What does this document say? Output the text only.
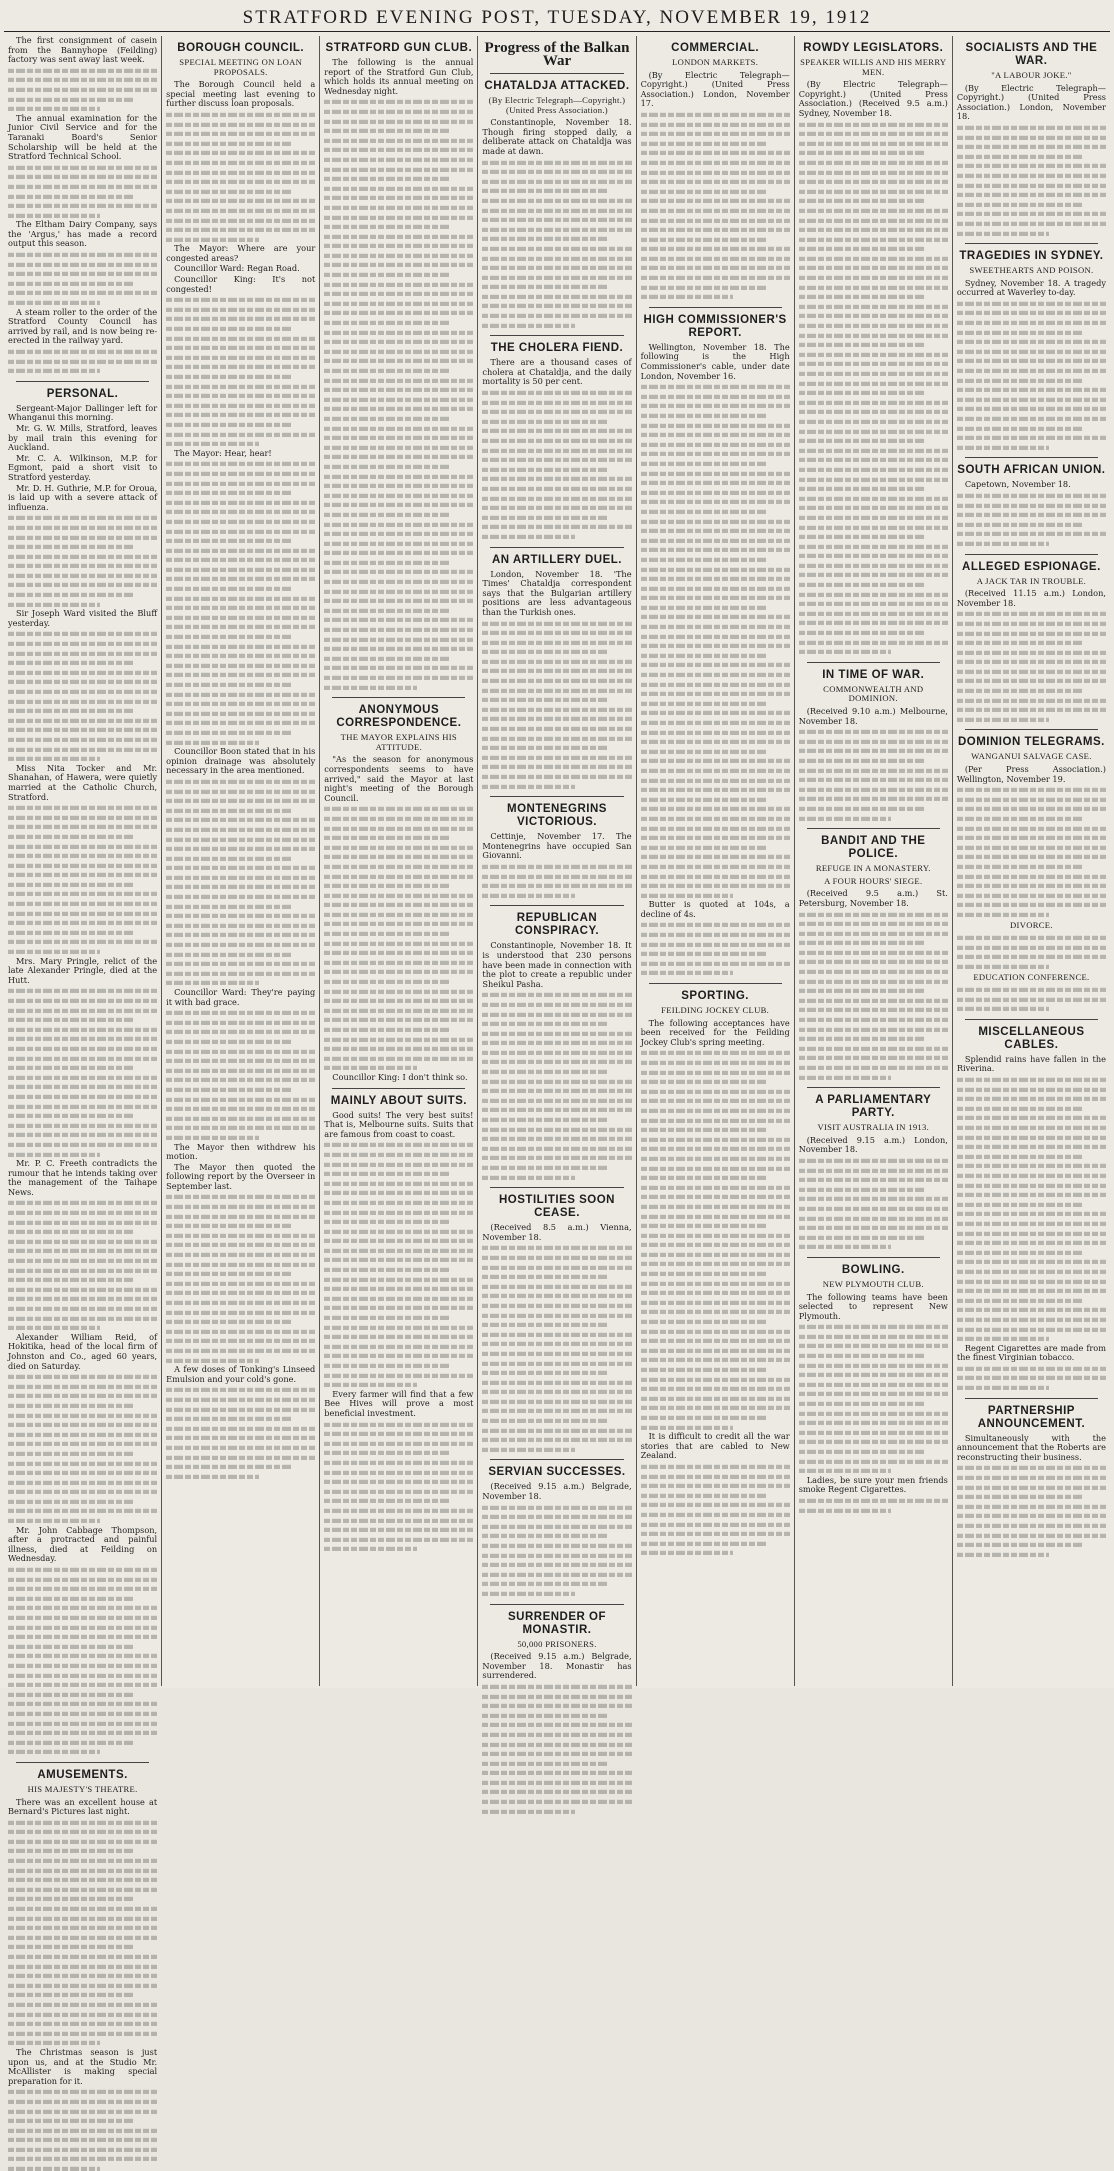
STRATFORD EVENING POST, TUESDAY, NOVEMBER 19, 1912
The first consignment of casein from the Bannyhope (Feilding) factory was sent away last week.
The annual examination for the Junior Civil Service and for the Taranaki Board's Senior Scholarship will be held at the Stratford Technical School.
The Eltham Dairy Company, says the 'Argus,' has made a record output this season.
A steam roller to the order of the Stratford County Council has arrived by rail, and is now being re-erected in the railway yard.
PERSONAL.
Sergeant-Major Dallinger left for Whanganui this morning.
Mr. G. W. Mills, Stratford, leaves by mail train this evening for Auckland.
Mr. C. A. Wilkinson, M.P. for Egmont, paid a short visit to Stratford yesterday.
Mr. D. H. Guthrie, M.P. for Oroua, is laid up with a severe attack of influenza.
Sir Joseph Ward visited the Bluff yesterday.
Miss Nita Tocker and Mr. Shanahan, of Hawera, were quietly married at the Catholic Church, Stratford.
Mrs. Mary Pringle, relict of the late Alexander Pringle, died at the Hutt.
Mr. P. C. Freeth contradicts the rumour that he intends taking over the management of the Taihape News.
Alexander William Reid, of Hokitika, head of the local firm of Johnston and Co., aged 60 years, died on Saturday.
Mr. John Cabbage Thompson, after a protracted and painful illness, died at Feilding on Wednesday.
AMUSEMENTS.
HIS MAJESTY'S THEATRE.
There was an excellent house at Bernard's Pictures last night.
The Christmas season is just upon us, and at the Studio Mr. McAllister is making special preparation for it.
BOROUGH COUNCIL.
SPECIAL MEETING ON LOAN PROPOSALS.
The Borough Council held a special meeting last evening to further discuss loan proposals.
The Mayor: Where are your congested areas?
Councillor Ward: Regan Road.
Councillor King: It's not congested!
The Mayor: Hear, hear!
Councillor Boon stated that in his opinion drainage was absolutely necessary in the area mentioned.
Councillor Ward: They're paying it with bad grace.
The Mayor then withdrew his motion.
The Mayor then quoted the following report by the Overseer in September last.
A few doses of Tonking's Linseed Emulsion and your cold's gone.
STRATFORD GUN CLUB.
The following is the annual report of the Stratford Gun Club, which holds its annual meeting on Wednesday night.
ANONYMOUS CORRESPONDENCE.
THE MAYOR EXPLAINS HIS ATTITUDE.
"As the season for anonymous correspondents seems to have arrived," said the Mayor at last night's meeting of the Borough Council.
Councillor King: I don't think so.
MAINLY ABOUT SUITS.
Good suits! The very best suits! That is, Melbourne suits. Suits that are famous from coast to coast.
Every farmer will find that a few Bee Hives will prove a most beneficial investment.
Progress of the Balkan War
CHATALDJA ATTACKED.
(By Electric Telegraph—Copyright.) (United Press Association.)
Constantinople, November 18. Though firing stopped daily, a deliberate attack on Chataldja was made at dawn.
THE CHOLERA FIEND.
There are a thousand cases of cholera at Chataldja, and the daily mortality is 50 per cent.
AN ARTILLERY DUEL.
London, November 18. 'The Times' Chataldja correspondent says that the Bulgarian artillery positions are less advantageous than the Turkish ones.
MONTENEGRINS VICTORIOUS.
Cettinje, November 17. The Montenegrins have occupied San Giovanni.
REPUBLICAN CONSPIRACY.
Constantinople, November 18. It is understood that 230 persons have been made in connection with the plot to create a republic under Sheikul Pasha.
HOSTILITIES SOON CEASE.
(Received 8.5 a.m.) Vienna, November 18.
SERVIAN SUCCESSES.
(Received 9.15 a.m.) Belgrade, November 18.
SURRENDER OF MONASTIR.
50,000 PRISONERS.
(Received 9.15 a.m.) Belgrade, November 18. Monastir has surrendered.
COMMERCIAL.
LONDON MARKETS.
(By Electric Telegraph—Copyright.) (United Press Association.) London, November 17.
HIGH COMMISSIONER'S REPORT.
Wellington, November 18. The following is the High Commissioner's cable, under date London, November 16.
Butter is quoted at 104s, a decline of 4s.
SPORTING.
FEILDING JOCKEY CLUB.
The following acceptances have been received for the Feilding Jockey Club's spring meeting.
It is difficult to credit all the war stories that are cabled to New Zealand.
ROWDY LEGISLATORS.
SPEAKER WILLIS AND HIS MERRY MEN.
(By Electric Telegraph—Copyright.) (United Press Association.) (Received 9.5 a.m.) Sydney, November 18.
IN TIME OF WAR.
COMMONWEALTH AND DOMINION.
(Received 9.10 a.m.) Melbourne, November 18.
BANDIT AND THE POLICE.
REFUGE IN A MONASTERY.
A FOUR HOURS' SIEGE.
(Received 9.5 a.m.) St. Petersburg, November 18.
A PARLIAMENTARY PARTY.
VISIT AUSTRALIA IN 1913.
(Received 9.15 a.m.) London, November 18.
BOWLING.
NEW PLYMOUTH CLUB.
The following teams have been selected to represent New Plymouth.
Ladies, be sure your men friends smoke Regent Cigarettes.
SOCIALISTS AND THE WAR.
"A LABOUR JOKE."
(By Electric Telegraph—Copyright.) (United Press Association.) London, November 18.
TRAGEDIES IN SYDNEY.
SWEETHEARTS AND POISON.
Sydney, November 18. A tragedy occurred at Waverley to-day.
SOUTH AFRICAN UNION.
Capetown, November 18.
ALLEGED ESPIONAGE.
A JACK TAR IN TROUBLE.
(Received 11.15 a.m.) London, November 18.
DOMINION TELEGRAMS.
WANGANUI SALVAGE CASE.
(Per Press Association.) Wellington, November 19.
DIVORCE.
EDUCATION CONFERENCE.
MISCELLANEOUS CABLES.
Splendid rains have fallen in the Riverina.
Regent Cigarettes are made from the finest Virginian tobacco.
PARTNERSHIP ANNOUNCEMENT.
Simultaneously with the announcement that the Roberts are reconstructing their business.
